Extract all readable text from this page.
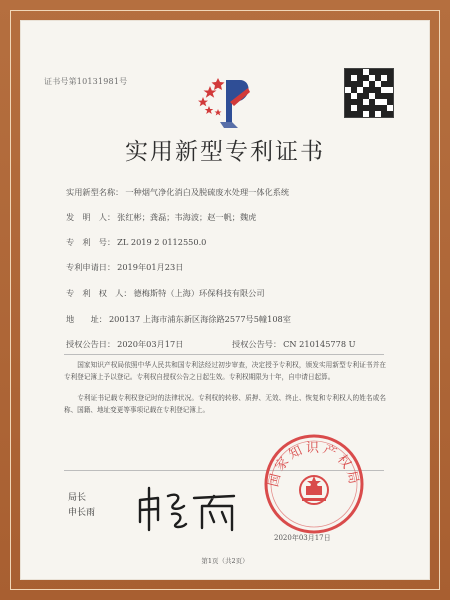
证书号第10131981号
实用新型专利证书
实用新型名称： 一种烟气净化消白及脱硫废水处理一体化系统
发　明　人： 张红彬；龚磊；韦海波；赵一帆；魏虎
专　利　号： ZL 2019 2 0112550.0
专利申请日： 2019年01月23日
专　利　权　人： 德梅斯特（上海）环保科技有限公司
地　　址： 200137 上海市浦东新区海徐路2577号5幢108室
授权公告日： 2020年03月17日	授权公告号： CN 210145778 U
国家知识产权局依照中华人民共和国专利法经过初步审查，决定授予专利权，颁发实用新型专利证书并在专利登记簿上予以登记。专利权自授权公告之日起生效。专利权期限为十年，自申请日起算。
专利证书记载专利权登记时的法律状况。专利权的转移、质押、无效、终止、恢复和专利权人的姓名或名称、国籍、地址变更等事项记载在专利登记簿上。
局长
申长雨
国家知识产权局
2020年03月17日
第1页（共2页）
